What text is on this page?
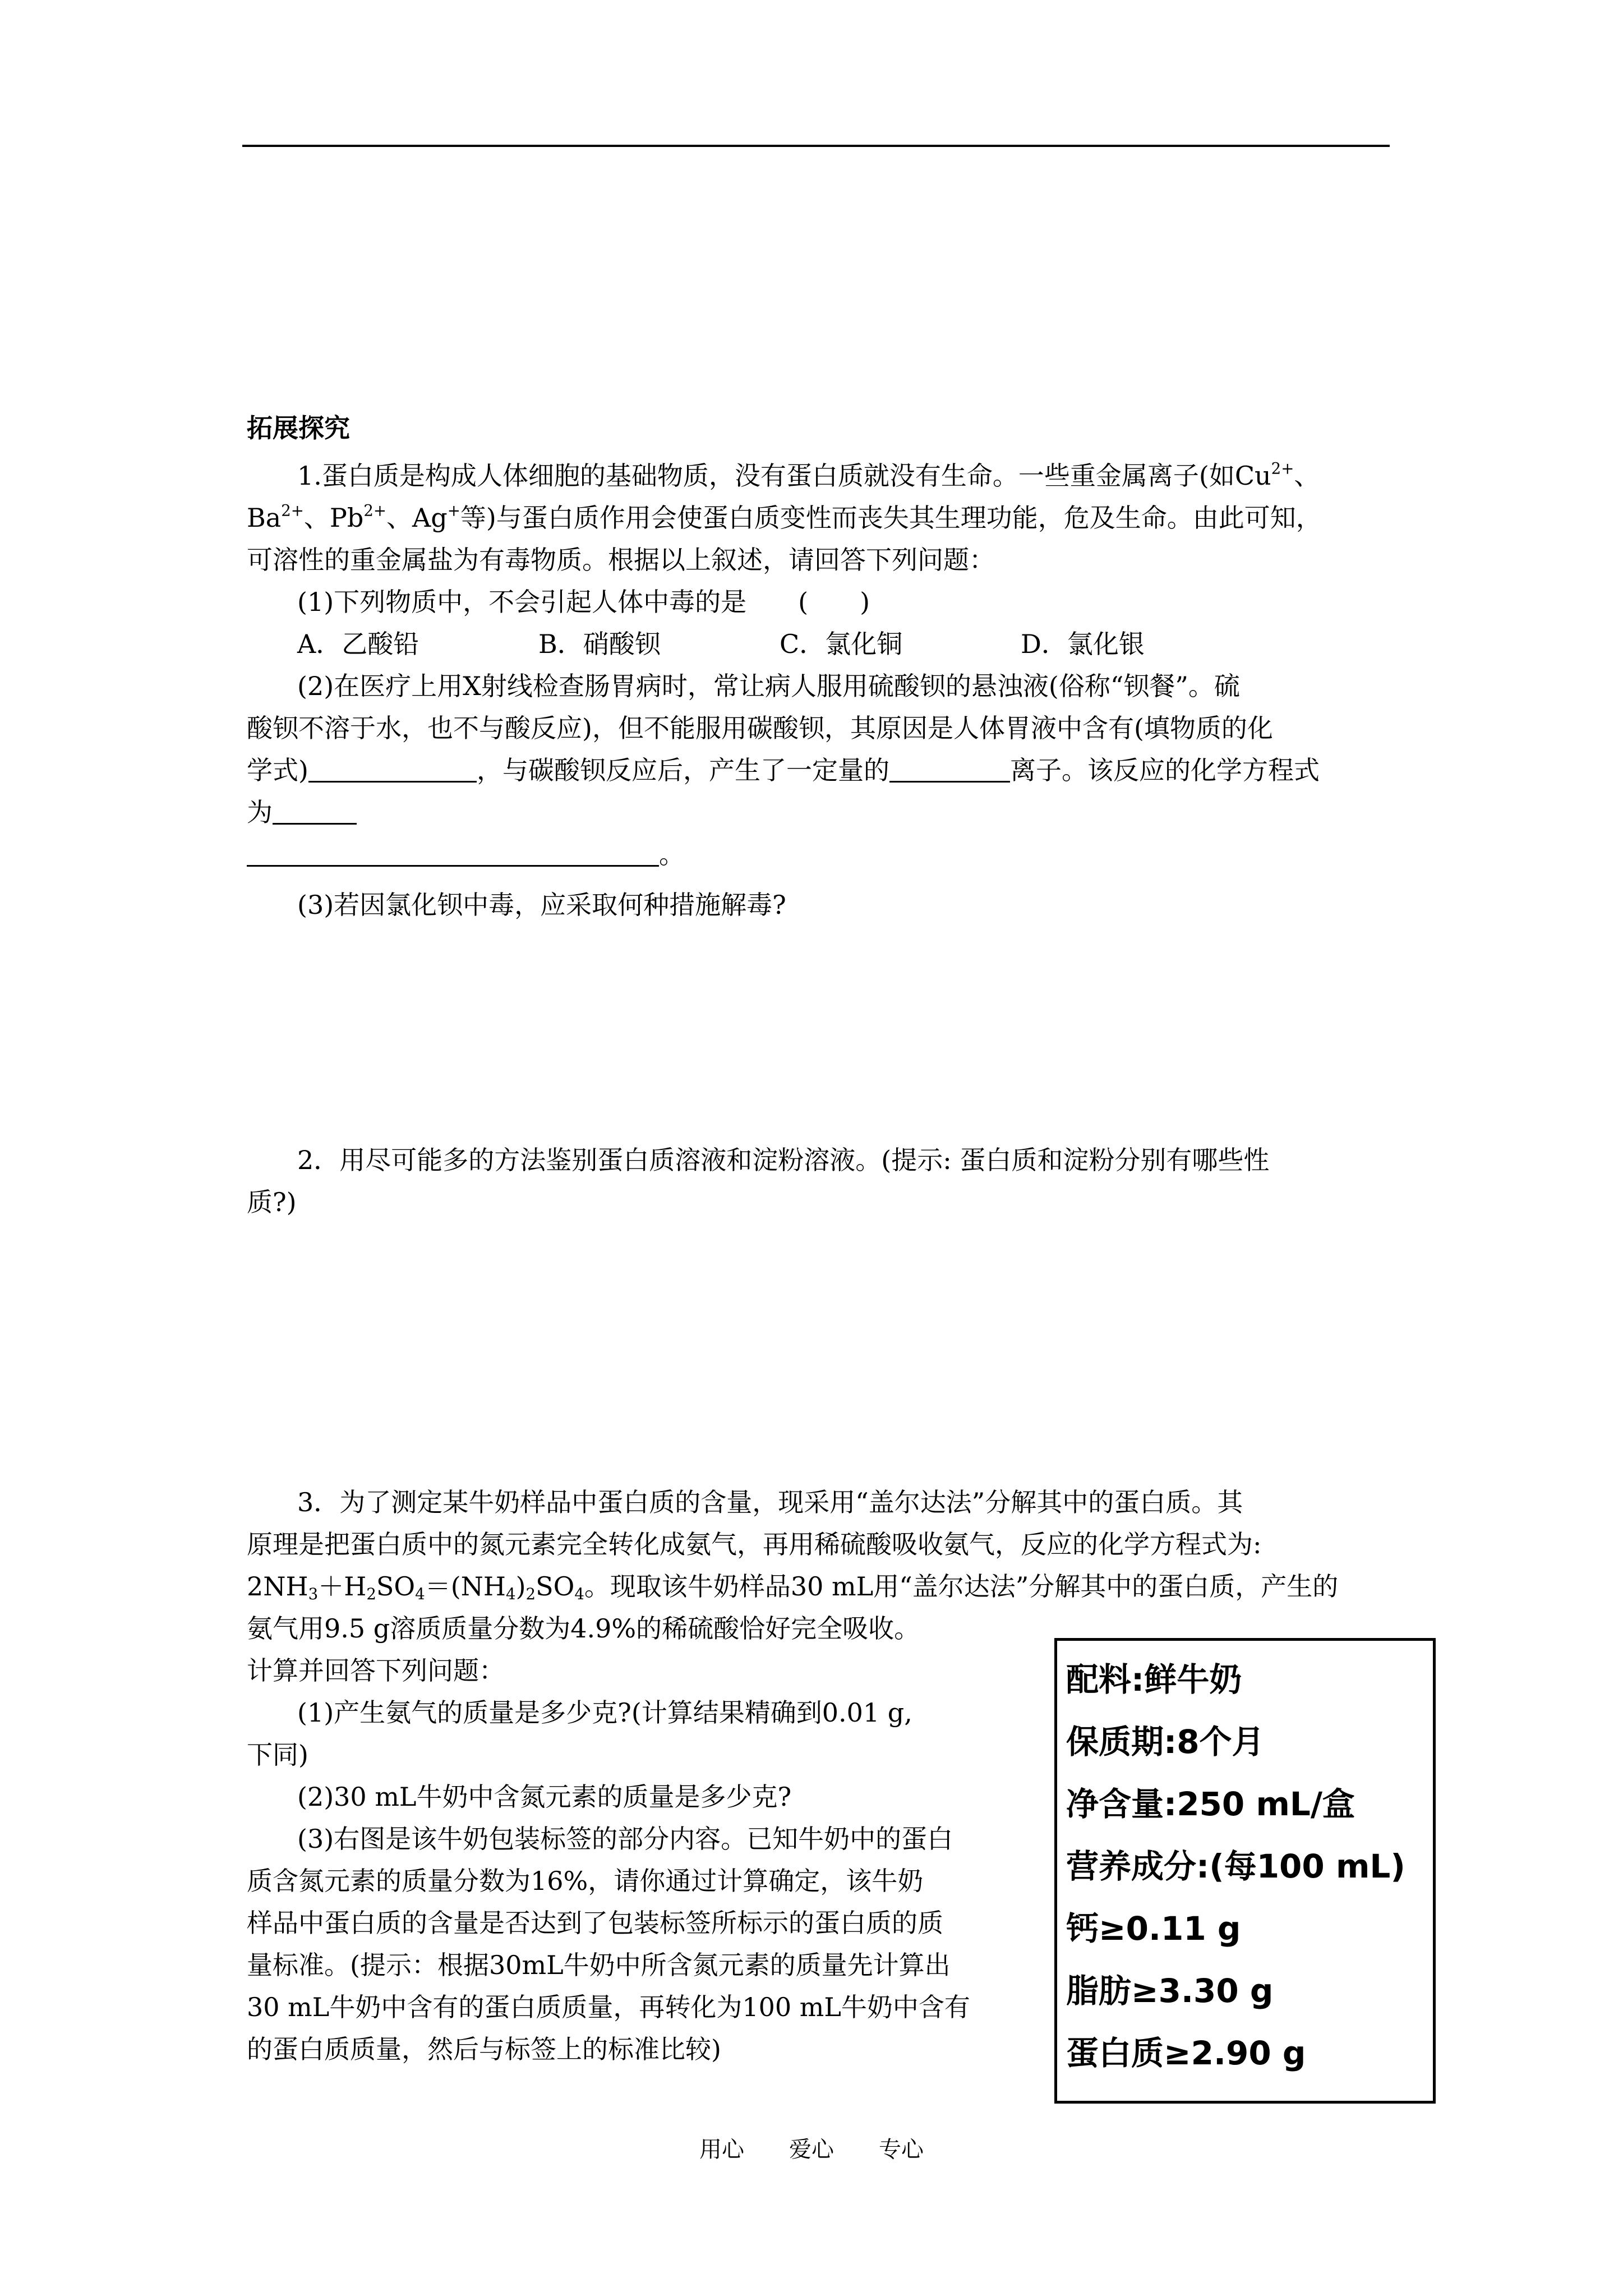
拓展探究
1.蛋白质是构成人体细胞的基础物质，没有蛋白质就没有生命。一些重金属离子(如$Cu^{2+}$、
$Ba^{2+}$、$Pb^{2+}$、Ag+等)与蛋白质作用会使蛋白质变性而丧失其生理功能，危及生命。由此可知，
可溶性的重金属盐为有毒物质。根据以上叙述，请回答下列问题：
(1)下列物质中，不会引起人体中毒的是　　(　　)
A．乙酸铅	B．硝酸钡	C．氯化铜	D．氯化银
(2)在医疗上用X射线检查肠胃病时，常让病人服用硫酸钡的悬浊液(俗称“钡餐”。硫
酸钡不溶于水，也不与酸反应)，但不能服用碳酸钡，其原因是人体胃液中含有(填物质的化
学式)	，与碳酸钡反应后，产生了一定量的	离子。该反应的化学方程式
为
。
(3)若因氯化钡中毒，应采取何种措施解毒?
2．用尽可能多的方法鉴别蛋白质溶液和淀粉溶液。(提示: 蛋白质和淀粉分别有哪些性
质?)
3．为了测定某牛奶样品中蛋白质的含量，现采用“盖尔达法”分解其中的蛋白质。其
原理是把蛋白质中的氮元素完全转化成氨气，再用稀硫酸吸收氨气，反应的化学方程式为:
$2NH_3+H_2SO_4=(NH_4)_2SO_4$。现取该牛奶样品30 mL用“盖尔达法”分解其中的蛋白质，产生的
氨气用9.5 g溶质质量分数为4.9%的稀硫酸恰好完全吸收。
计算并回答下列问题：
(1)产生氨气的质量是多少克?(计算结果精确到0.01 g,
下同)
(2)30 mL牛奶中含氮元素的质量是多少克?
(3)右图是该牛奶包装标签的部分内容。已知牛奶中的蛋白
质含氮元素的质量分数为16%，请你通过计算确定，该牛奶
样品中蛋白质的含量是否达到了包装标签所标示的蛋白质的质
量标准。(提示：根据30mL牛奶中所含氮元素的质量先计算出
30 mL牛奶中含有的蛋白质质量，再转化为100 mL牛奶中含有
的蛋白质质量，然后与标签上的标准比较)
配料:鲜牛奶
保质期:8个月
净含量:250 mL/盒
营养成分:(每100 mL)
钙≥0.11 g
脂肪≥3.30 g
蛋白质≥2.90 g
用心　　爱心　　专心
